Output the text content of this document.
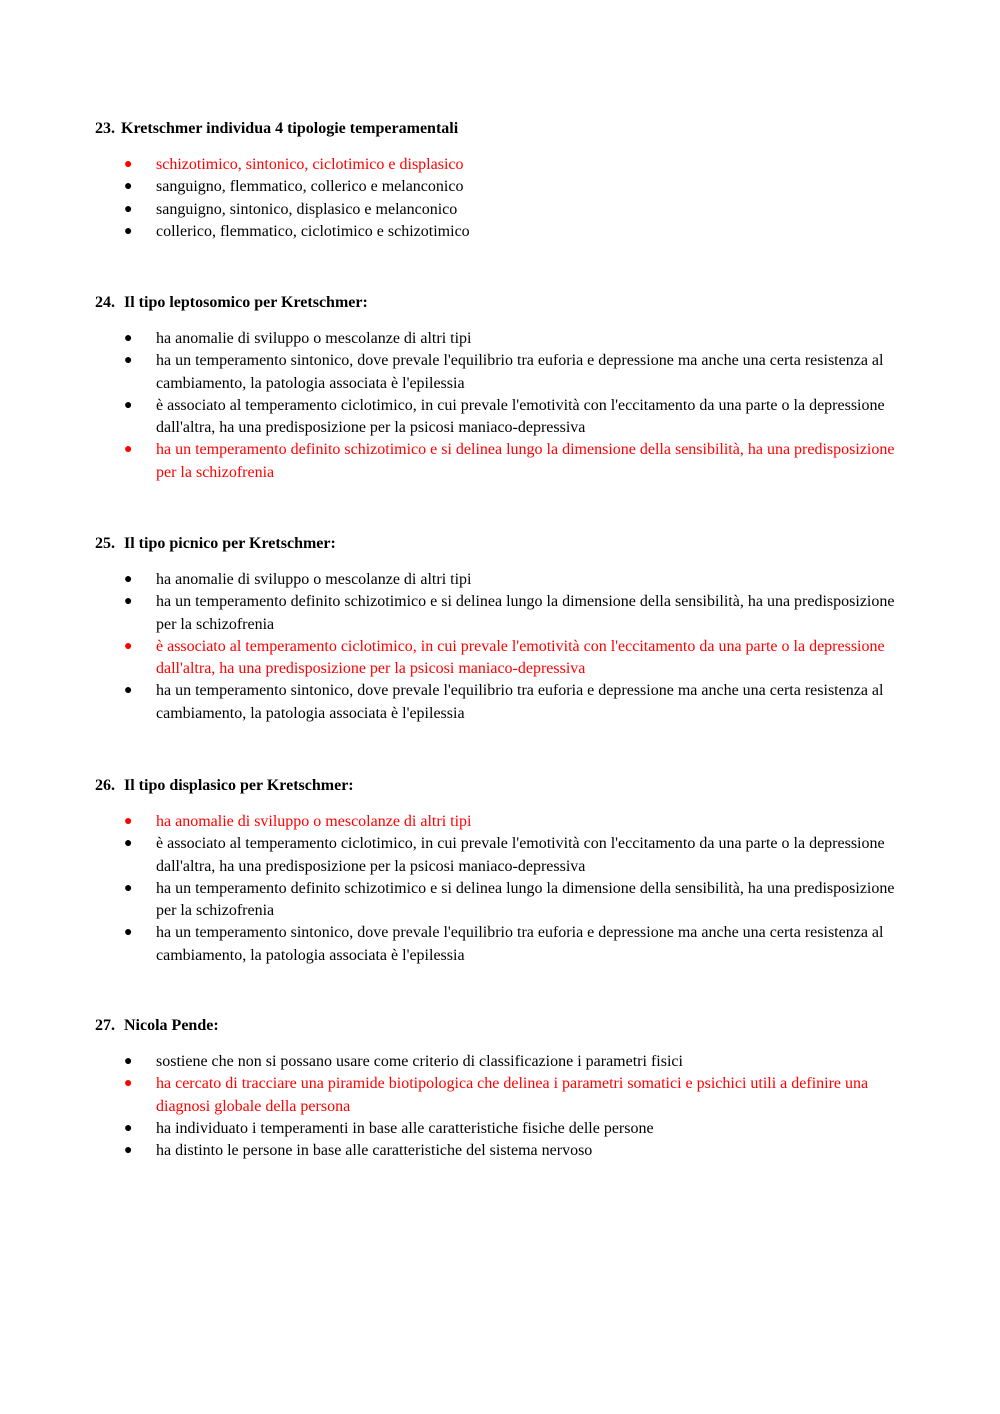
23. Kretschmer individua 4 tipologie temperamentali
● schizotimico, sintonico, ciclotimico e displasico
● sanguigno, flemmatico, collerico e melanconico
● sanguigno, sintonico, displasico e melanconico
● collerico, flemmatico, ciclotimico e schizotimico
24. Il tipo leptosomico per Kretschmer:
● ha anomalie di sviluppo o mescolanze di altri tipi
● ha un temperamento sintonico, dove prevale l'equilibrio tra euforia e depressione ma anche una certa resistenza al cambiamento, la patologia associata è l'epilessia
● è associato al temperamento ciclotimico, in cui prevale l'emotività con l'eccitamento da una parte o la depressione dall'altra, ha una predisposizione per la psicosi maniaco-depressiva
● ha un temperamento definito schizotimico e si delinea lungo la dimensione della sensibilità, ha una predisposizione per la schizofrenia
25. Il tipo picnico per Kretschmer:
● ha anomalie di sviluppo o mescolanze di altri tipi
● ha un temperamento definito schizotimico e si delinea lungo la dimensione della sensibilità, ha una predisposizione per la schizofrenia
● è associato al temperamento ciclotimico, in cui prevale l'emotività con l'eccitamento da una parte o la depressione dall'altra, ha una predisposizione per la psicosi maniaco-depressiva
● ha un temperamento sintonico, dove prevale l'equilibrio tra euforia e depressione ma anche una certa resistenza al cambiamento, la patologia associata è l'epilessia
26. Il tipo displasico per Kretschmer:
● ha anomalie di sviluppo o mescolanze di altri tipi
● è associato al temperamento ciclotimico, in cui prevale l'emotività con l'eccitamento da una parte o la depressione dall'altra, ha una predisposizione per la psicosi maniaco-depressiva
● ha un temperamento definito schizotimico e si delinea lungo la dimensione della sensibilità, ha una predisposizione per la schizofrenia
● ha un temperamento sintonico, dove prevale l'equilibrio tra euforia e depressione ma anche una certa resistenza al cambiamento, la patologia associata è l'epilessia
27. Nicola Pende:
● sostiene che non si possano usare come criterio di classificazione i parametri fisici
● ha cercato di tracciare una piramide biotipologica che delinea i parametri somatici e psichici utili a definire una diagnosi globale della persona
● ha individuato i temperamenti in base alle caratteristiche fisiche delle persone
● ha distinto le persone in base alle caratteristiche del sistema nervoso
